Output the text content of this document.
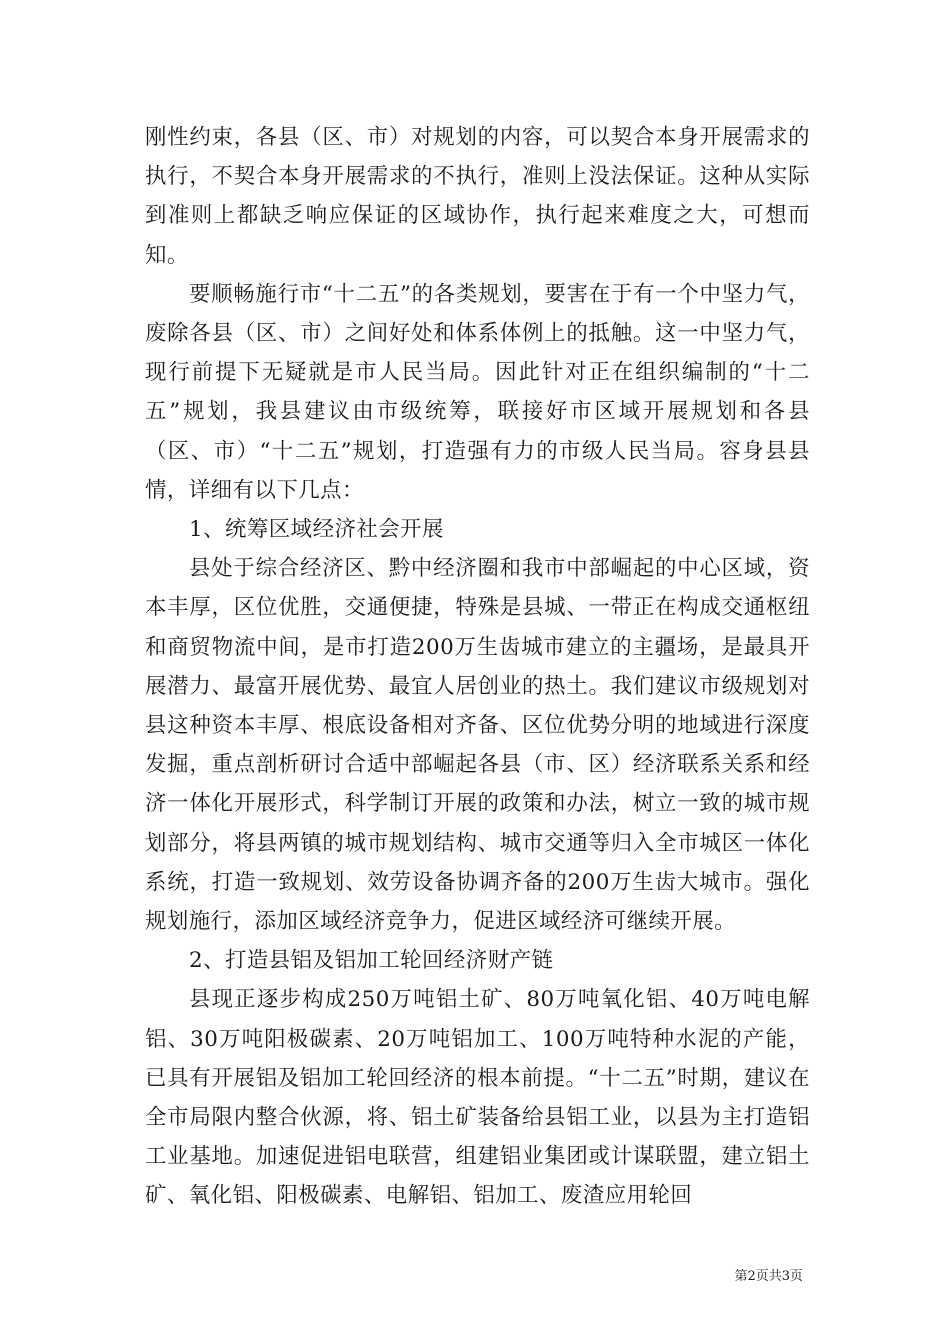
刚性约束，各县（区、市）对规划的内容，可以契合本身开展需求的执行，不契合本身开展需求的不执行，准则上没法保证。这种从实际到准则上都缺乏响应保证的区域协作，执行起来难度之大，可想而知。

要顺畅施行市“十二五”的各类规划，要害在于有一个中坚力气，废除各县（区、市）之间好处和体系体例上的抵触。这一中坚力气，现行前提下无疑就是市人民当局。因此针对正在组织编制的“十二五”规划，我县建议由市级统筹，联接好市区域开展规划和各县（区、市）“十二五”规划，打造强有力的市级人民当局。容身县县情，详细有以下几点：

1、统筹区域经济社会开展

县处于综合经济区、黔中经济圈和我市中部崛起的中心区域，资本丰厚，区位优胜，交通便捷，特殊是县城、一带正在构成交通枢纽和商贸物流中间，是市打造200万生齿城市建立的主疆场，是最具开展潜力、最富开展优势、最宜人居创业的热土。我们建议市级规划对县这种资本丰厚、根底设备相对齐备、区位优势分明的地域进行深度发掘，重点剖析研讨合适中部崛起各县（市、区）经济联系关系和经济一体化开展形式，科学制订开展的政策和办法，树立一致的城市规划部分，将县两镇的城市规划结构、城市交通等归入全市城区一体化系统，打造一致规划、效劳设备协调齐备的200万生齿大城市。强化规划施行，添加区域经济竞争力，促进区域经济可继续开展。

2、打造县铝及铝加工轮回经济财产链

县现正逐步构成250万吨铝土矿、80万吨氧化铝、40万吨电解铝、30万吨阳极碳素、20万吨铝加工、100万吨特种水泥的产能，已具有开展铝及铝加工轮回经济的根本前提。“十二五”时期，建议在全市局限内整合伙源，将、铝土矿装备给县铝工业，以县为主打造铝工业基地。加速促进铝电联营，组建铝业集团或计谋联盟，建立铝土矿、氧化铝、阳极碳素、电解铝、铝加工、废渣应用轮回

第2页共3页
